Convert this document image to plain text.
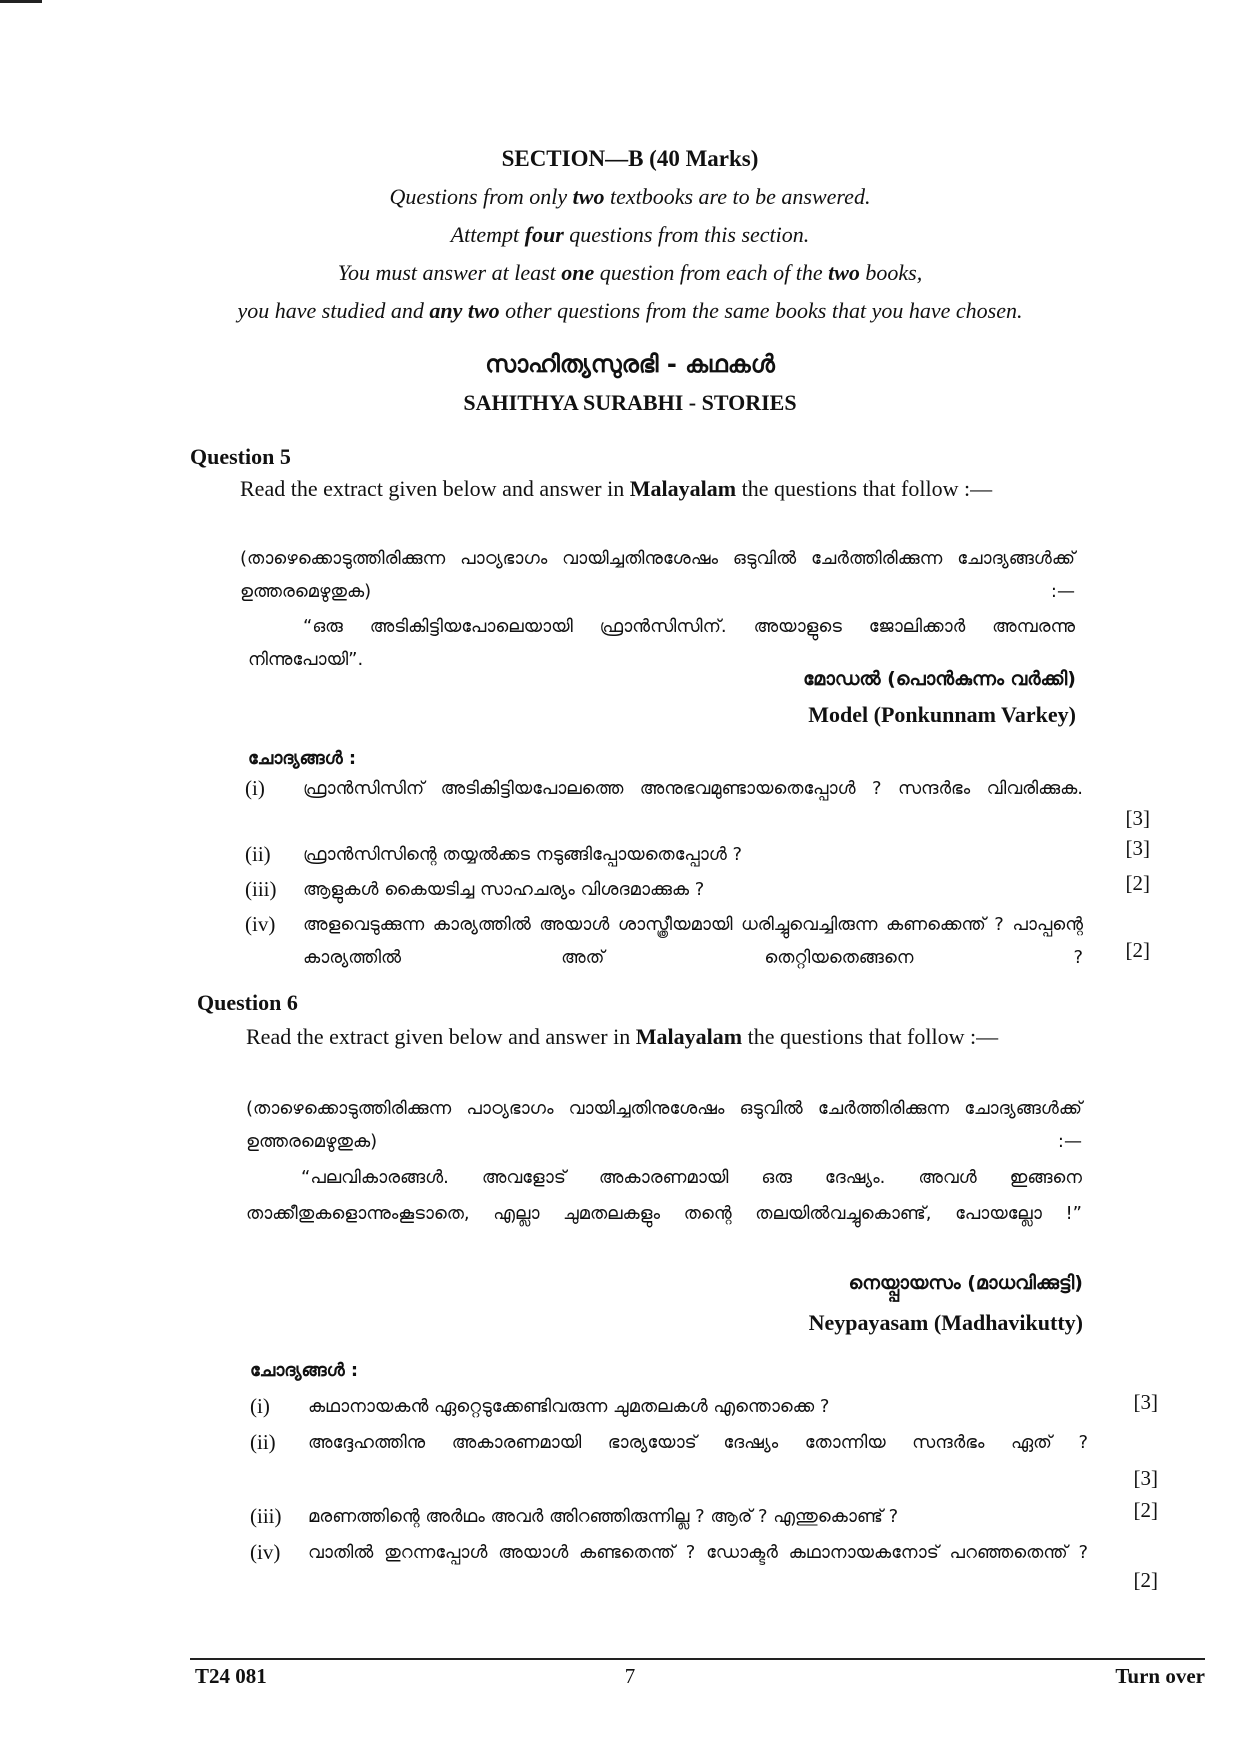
SECTION—B (40 Marks)
Questions from only two textbooks are to be answered.
Attempt four questions from this section.
You must answer at least one question from each of the two books,
you have studied and any two other questions from the same books that you have chosen.
സാഹിത്യസുരഭി - കഥകൾ
SAHITHYA SURABHI - STORIES
Question 5
Read the extract given below and answer in Malayalam the questions that follow :—
(താഴെക്കൊടുത്തിരിക്കുന്ന പാഠ്യഭാഗം വായിച്ചതിനുശേഷം ഒടുവിൽ ചേർത്തിരിക്കുന്ന ചോദ്യങ്ങൾക്ക് ഉത്തരമെഴുതുക) :—
“ഒരു അടികിട്ടിയപോലെയായി ഫ്രാൻസിസിന്. അയാളുടെ ജോലിക്കാർ അമ്പരന്നു നിന്നുപോയി”.
മോഡൽ (പൊൻകുന്നം വർക്കി)
Model (Ponkunnam Varkey)
ചോദ്യങ്ങൾ :
(i) ഫ്രാൻസിസിന് അടികിട്ടിയപോലത്തെ അനുഭവമുണ്ടായതെപ്പോൾ ? സന്ദർഭം വിവരിക്കുക.
[3]
(ii) ഫ്രാൻസിസിന്റെ തയ്യൽക്കട നടുങ്ങിപ്പോയതെപ്പോൾ ?	[3]
(iii) ആളുകൾ കൈയടിച്ച സാഹചര്യം വിശദമാക്കുക ?	[2]
(iv) അളവെടുക്കുന്ന കാര്യത്തിൽ അയാൾ ശാസ്ത്രീയമായി ധരിച്ചുവെച്ചിരുന്ന കണക്കെന്ത് ? പാപ്പന്റെ കാര്യത്തിൽ അത് തെറ്റിയതെങ്ങനെ ? [2]
Question 6
Read the extract given below and answer in Malayalam the questions that follow :—
(താഴെക്കൊടുത്തിരിക്കുന്ന പാഠ്യഭാഗം വായിച്ചതിനുശേഷം ഒടുവിൽ ചേർത്തിരിക്കുന്ന ചോദ്യങ്ങൾക്ക് ഉത്തരമെഴുതുക) :—
“പലവികാരങ്ങൾ. അവളോട് അകാരണമായി ഒരു ദേഷ്യം. അവൾ ഇങ്ങനെ താക്കീതുകളൊന്നുംകൂടാതെ, എല്ലാ ചുമതലകളും തന്റെ തലയിൽവച്ചുകൊണ്ട്, പോയല്ലോ !”
നെയ്പ്പായസം (മാധവിക്കുട്ടി)
Neypayasam (Madhavikutty)
ചോദ്യങ്ങൾ :
(i) കഥാനായകൻ ഏറ്റെടുക്കേണ്ടിവരുന്ന ചുമതലകൾ എന്തൊക്കെ ?	[3]
(ii) അദ്ദേഹത്തിനു അകാരണമായി ഭാര്യയോട് ദേഷ്യം തോന്നിയ സന്ദർഭം ഏത് ?
[3]
(iii) മരണത്തിന്റെ അർഥം അവർ അിറഞ്ഞിരുന്നില്ല ? ആര് ? എന്തുകൊണ്ട് ?	[2]
(iv) വാതിൽ തുറന്നപ്പോൾ അയാൾ കണ്ടതെന്ത് ? ഡോക്ടർ കഥാനായകനോട് പറഞ്ഞതെന്ത് ?
[2]
T24 081	7	Turn over
